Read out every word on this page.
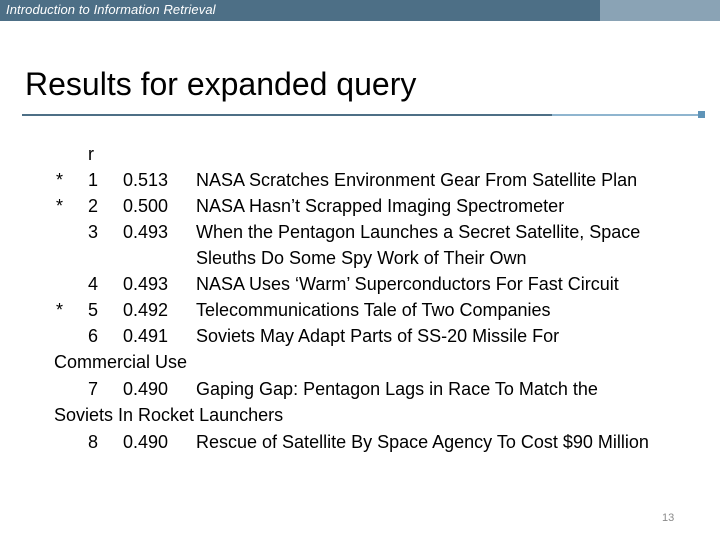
Introduction to Information Retrieval
Results for expanded query
r
* 1 0.513 NASA Scratches Environment Gear From Satellite Plan
* 2 0.500 NASA Hasn’t Scrapped Imaging Spectrometer
3 0.493 When the Pentagon Launches a Secret Satellite, Space
Sleuths Do Some Spy Work of Their Own
4 0.493 NASA Uses ‘Warm’ Superconductors For Fast Circuit
* 5 0.492 Telecommunications Tale of Two Companies
6 0.491 Soviets May Adapt Parts of SS-20 Missile For
Commercial Use
7 0.490 Gaping Gap: Pentagon Lags in Race To Match the
Soviets In Rocket Launchers
8 0.490 Rescue of Satellite By Space Agency To Cost $90 Million
13
